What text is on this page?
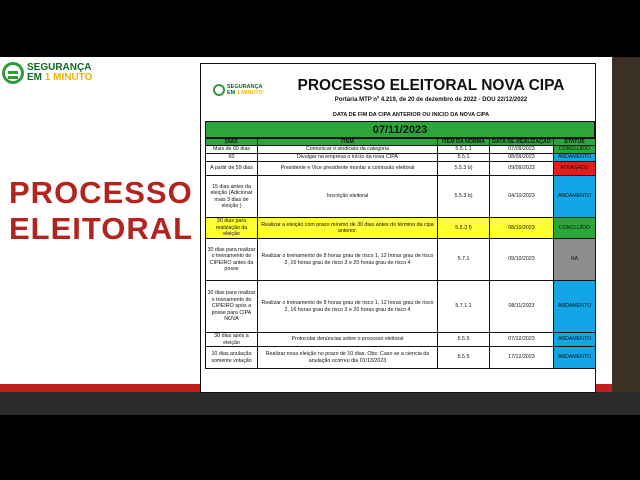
SEGURANÇA
EM 1 MINUTO
PROCESSO
ELEITORAL
SEGURANÇA
EM 1 MINUTO	PROCESSO ELEITORAL NOVA CIPA
Portaria MTP nº 4.219, de 20 de dezembro de 2022 - DOU 22/12/2022
DATA DE FIM DA CIPA ANTERIOR OU INICIO DA NOVA CIPA
07/11/2023
DIAS	ITEM	ITEM DA NORMA	DATA DE REALIZAÇÃO	STATUS
Mais de 60 dias	Comunicar o sindicato da categoria	5.5.1.1	07/09/2023	CONCLUÍDO
60	Divulgar na empresa o início da nova CIPA	5.5.1	08/09/2023	ANDAMENTO
A partir de 59 dias	Presidente e Vice presidente montar a comissão eleitoral	5.5.3 b)	09/09/2023	ATRASADO
15 dias antes da eleição (Adicionar mais 3 dias de eleição )	Inscrição eleitoral	5.5.3 b)	04/10/2023	ANDAMENTO
30 dias para realização da eleição	Realizar a eleição com prazo mínimo de 30 dias antes do término da cipa anterior.	5.5.3 f)	08/10/2023	CONCLUÍDO
30 dias para realizar o treinamento do CIPEIRO antes da posse	Realizar o treinamento de 8 horas grau de risco 1, 12 horas grau de risco 2, 16 horas grau de risco 3 e 20 horas grau de risco 4	5.7.1	09/10/2023	NA
30 dias para realizar o treinamento do CIPEIRO após a posse para CIPA NOVA	Realizar o treinamento de 8 horas grau de risco 1, 12 horas grau de risco 2, 16 horas grau de risco 3 e 20 horas grau de risco 4	5.7.1.1	08/11/2023	ANDAMENTO
30 dias após a eleição	Protocolar denúncias sobre o processo eleitoral	5.5.5	07/12/2023	ANDAMENTO
10 dias anulação somente votação	Realizar nova eleição no prazo de 10 dias. Obs: Caso se a ciencia da anulação ocorreu dia 01/13/2023	5.5.5	17/12/2023	ANDAMENTO
